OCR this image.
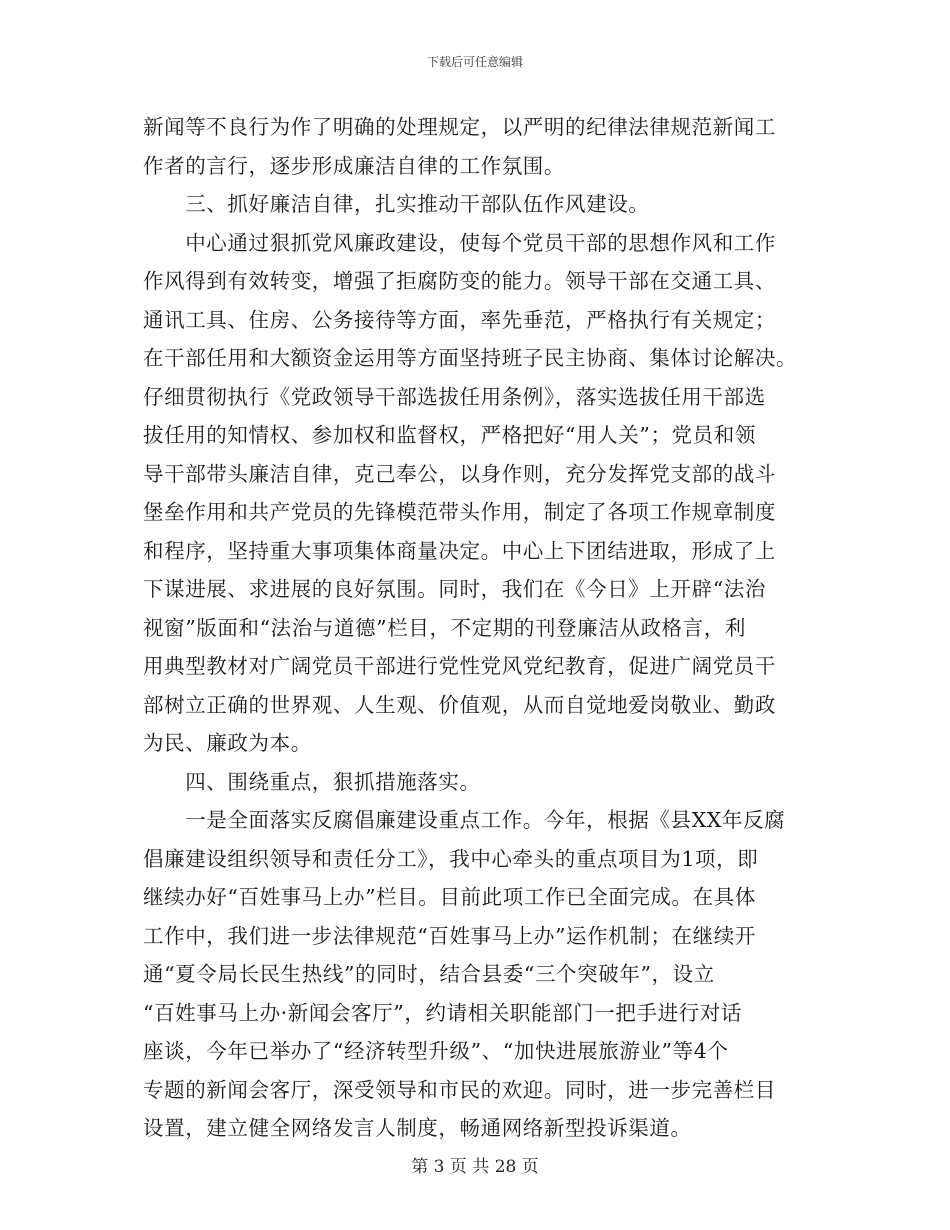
下载后可任意编辑
新闻等不良行为作了明确的处理规定，以严明的纪律法律规范新闻工
作者的言行，逐步形成廉洁自律的工作氛围。
　　三、抓好廉洁自律，扎实推动干部队伍作风建设。
　　中心通过狠抓党风廉政建设，使每个党员干部的思想作风和工作
作风得到有效转变，增强了拒腐防变的能力。领导干部在交通工具、
通讯工具、住房、公务接待等方面，率先垂范，严格执行有关规定；
在干部任用和大额资金运用等方面坚持班子民主协商、集体讨论解决。
仔细贯彻执行《党政领导干部选拔任用条例》，落实选拔任用干部选
拔任用的知情权、参加权和监督权，严格把好“用人关”；党员和领
导干部带头廉洁自律，克己奉公，以身作则，充分发挥党支部的战斗
堡垒作用和共产党员的先锋模范带头作用，制定了各项工作规章制度
和程序，坚持重大事项集体商量决定。中心上下团结进取，形成了上
下谋进展、求进展的良好氛围。同时，我们在《今日》上开辟“法治
视窗”版面和“法治与道德”栏目，不定期的刊登廉洁从政格言，利
用典型教材对广阔党员干部进行党性党风党纪教育，促进广阔党员干
部树立正确的世界观、人生观、价值观，从而自觉地爱岗敬业、勤政
为民、廉政为本。
　　四、围绕重点，狠抓措施落实。
　　一是全面落实反腐倡廉建设重点工作。今年，根据《县XX年反腐
倡廉建设组织领导和责任分工》，我中心牵头的重点项目为1项，即
继续办好“百姓事马上办”栏目。目前此项工作已全面完成。在具体
工作中，我们进一步法律规范“百姓事马上办”运作机制；在继续开
通“夏令局长民生热线”的同时，结合县委“三个突破年”，设立
“百姓事马上办·新闻会客厅”，约请相关职能部门一把手进行对话
座谈，今年已举办了“经济转型升级”、“加快进展旅游业”等4个
专题的新闻会客厅，深受领导和市民的欢迎。同时，进一步完善栏目
设置，建立健全网络发言人制度，畅通网络新型投诉渠道。
第 3 页 共 28 页
